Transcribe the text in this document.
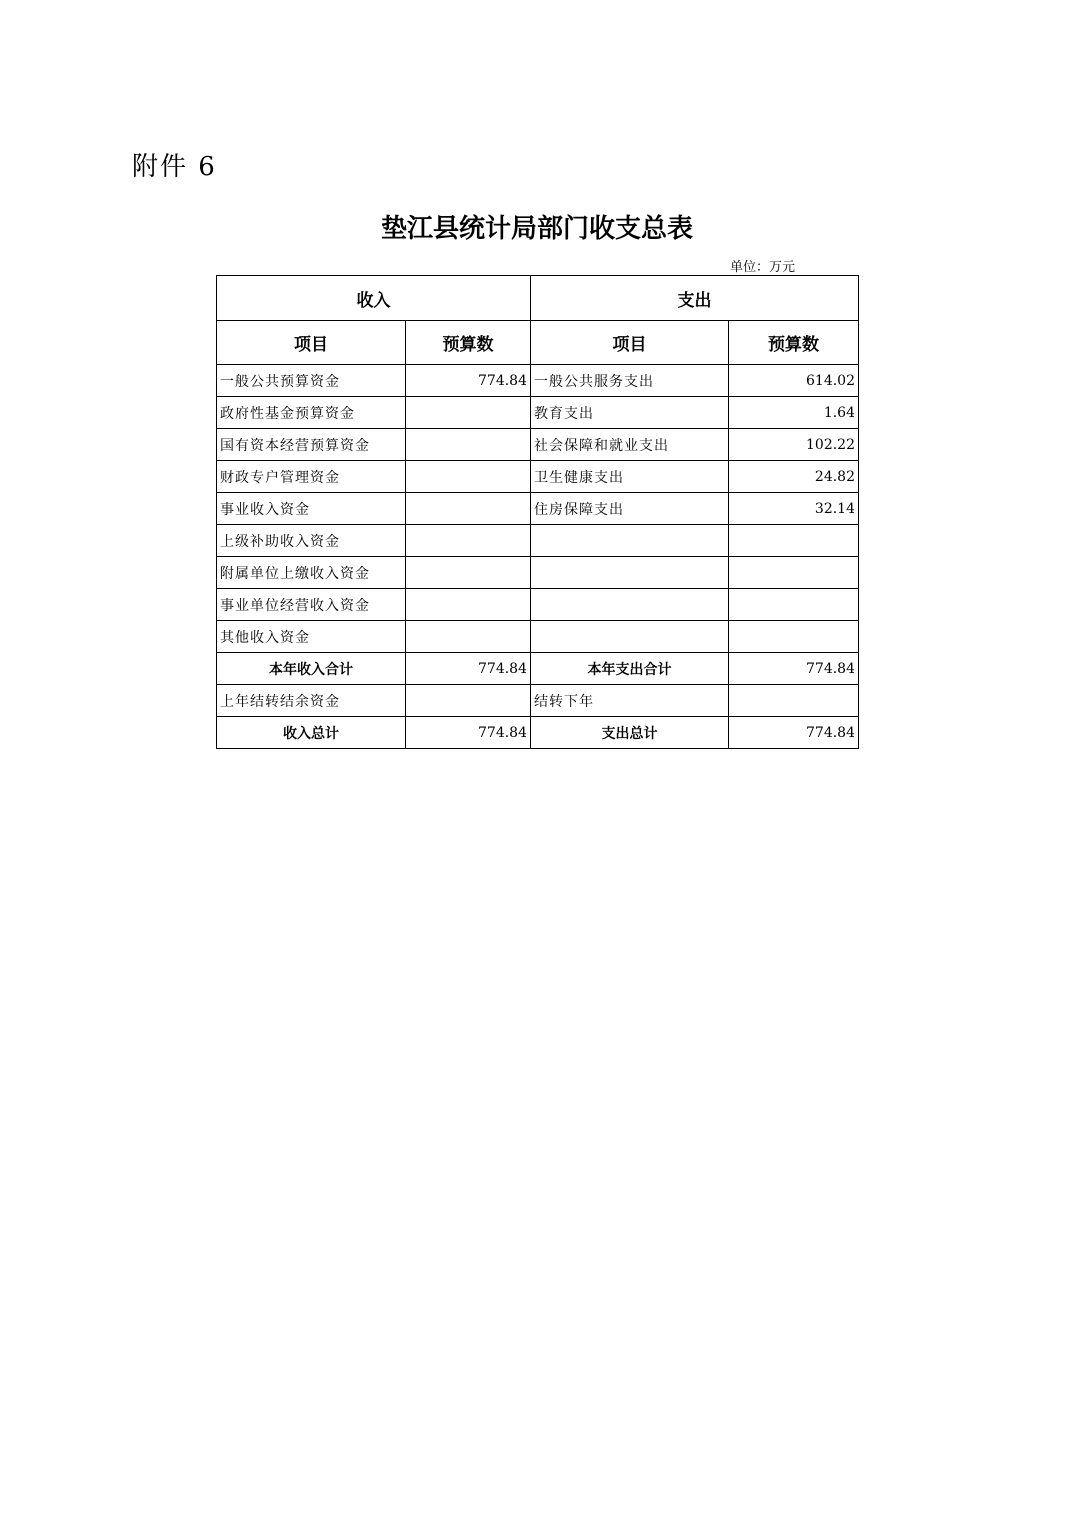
附件 6
垫江县统计局部门收支总表
单位：万元
收入		支出	
项目	预算数	项目	预算数
一般公共预算资金	774.84	一般公共服务支出	614.02
政府性基金预算资金		教育支出	1.64
国有资本经营预算资金		社会保障和就业支出	102.22
财政专户管理资金		卫生健康支出	24.82
事业收入资金		住房保障支出	32.14
上级补助收入资金			
附属单位上缴收入资金			
事业单位经营收入资金			
其他收入资金			
本年收入合计	774.84	本年支出合计	774.84
上年结转结余资金		结转下年	
收入总计	774.84	支出总计	774.84
